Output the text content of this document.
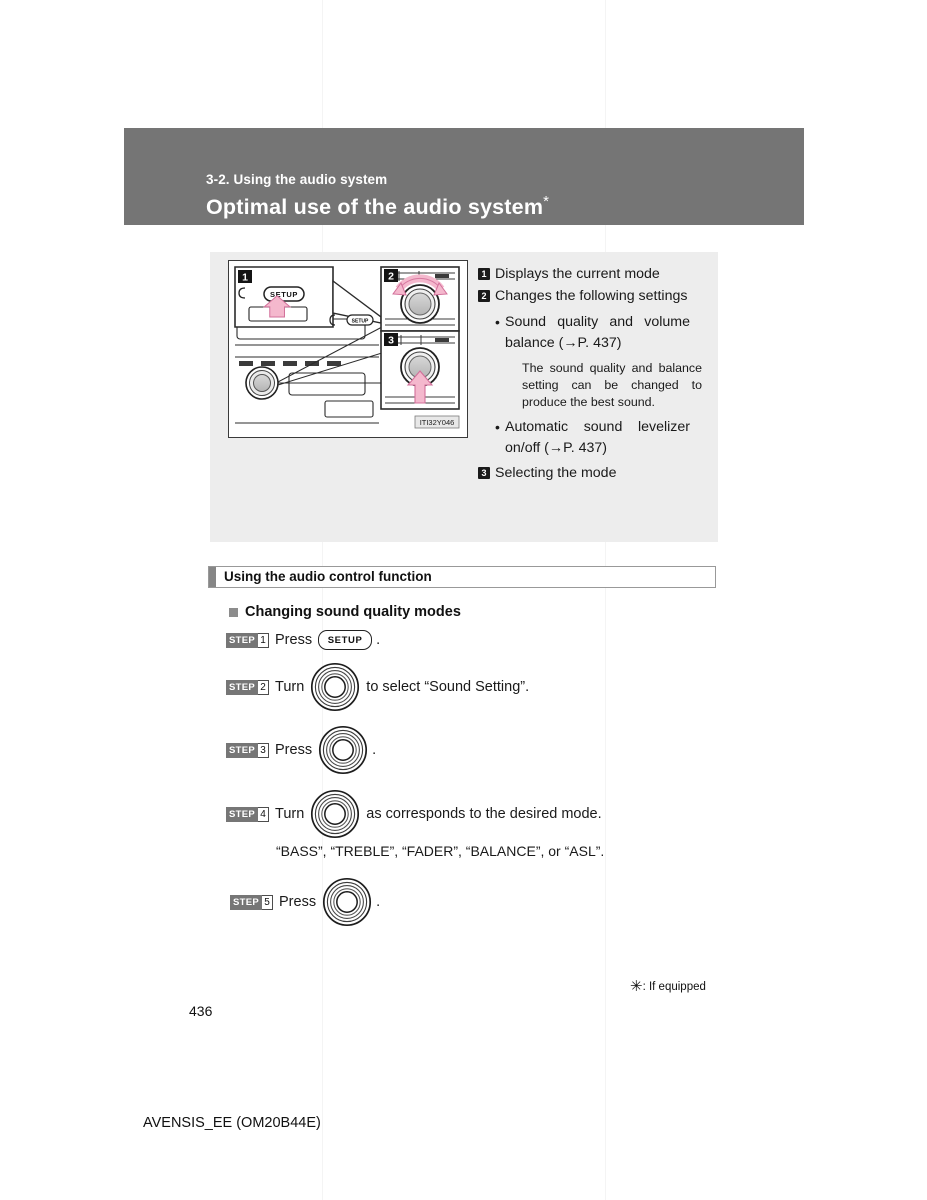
3-2. Using the audio system
Optimal use of the audio system*
1
SETUP
SETUP
2
3
ITI32Y046
1 Displays the current mode
2 Changes the following settings
• Sound quality and volume balance (→P. 437)
The sound quality and balance setting can be changed to produce the best sound.
• Automatic sound levelizer on/off (→P. 437)
3 Selecting the mode
Using the audio control function
Changing sound quality modes
STEP 1 Press	SETUP .
STEP 2 Turn	to select “Sound Setting”.
STEP 3 Press	.
STEP 4 Turn	as corresponds to the desired mode.
“BASS”, “TREBLE”, “FADER”, “BALANCE”, or “ASL”.
STEP 5 Press	.
✳: If equipped
436
AVENSIS_EE (OM20B44E)
